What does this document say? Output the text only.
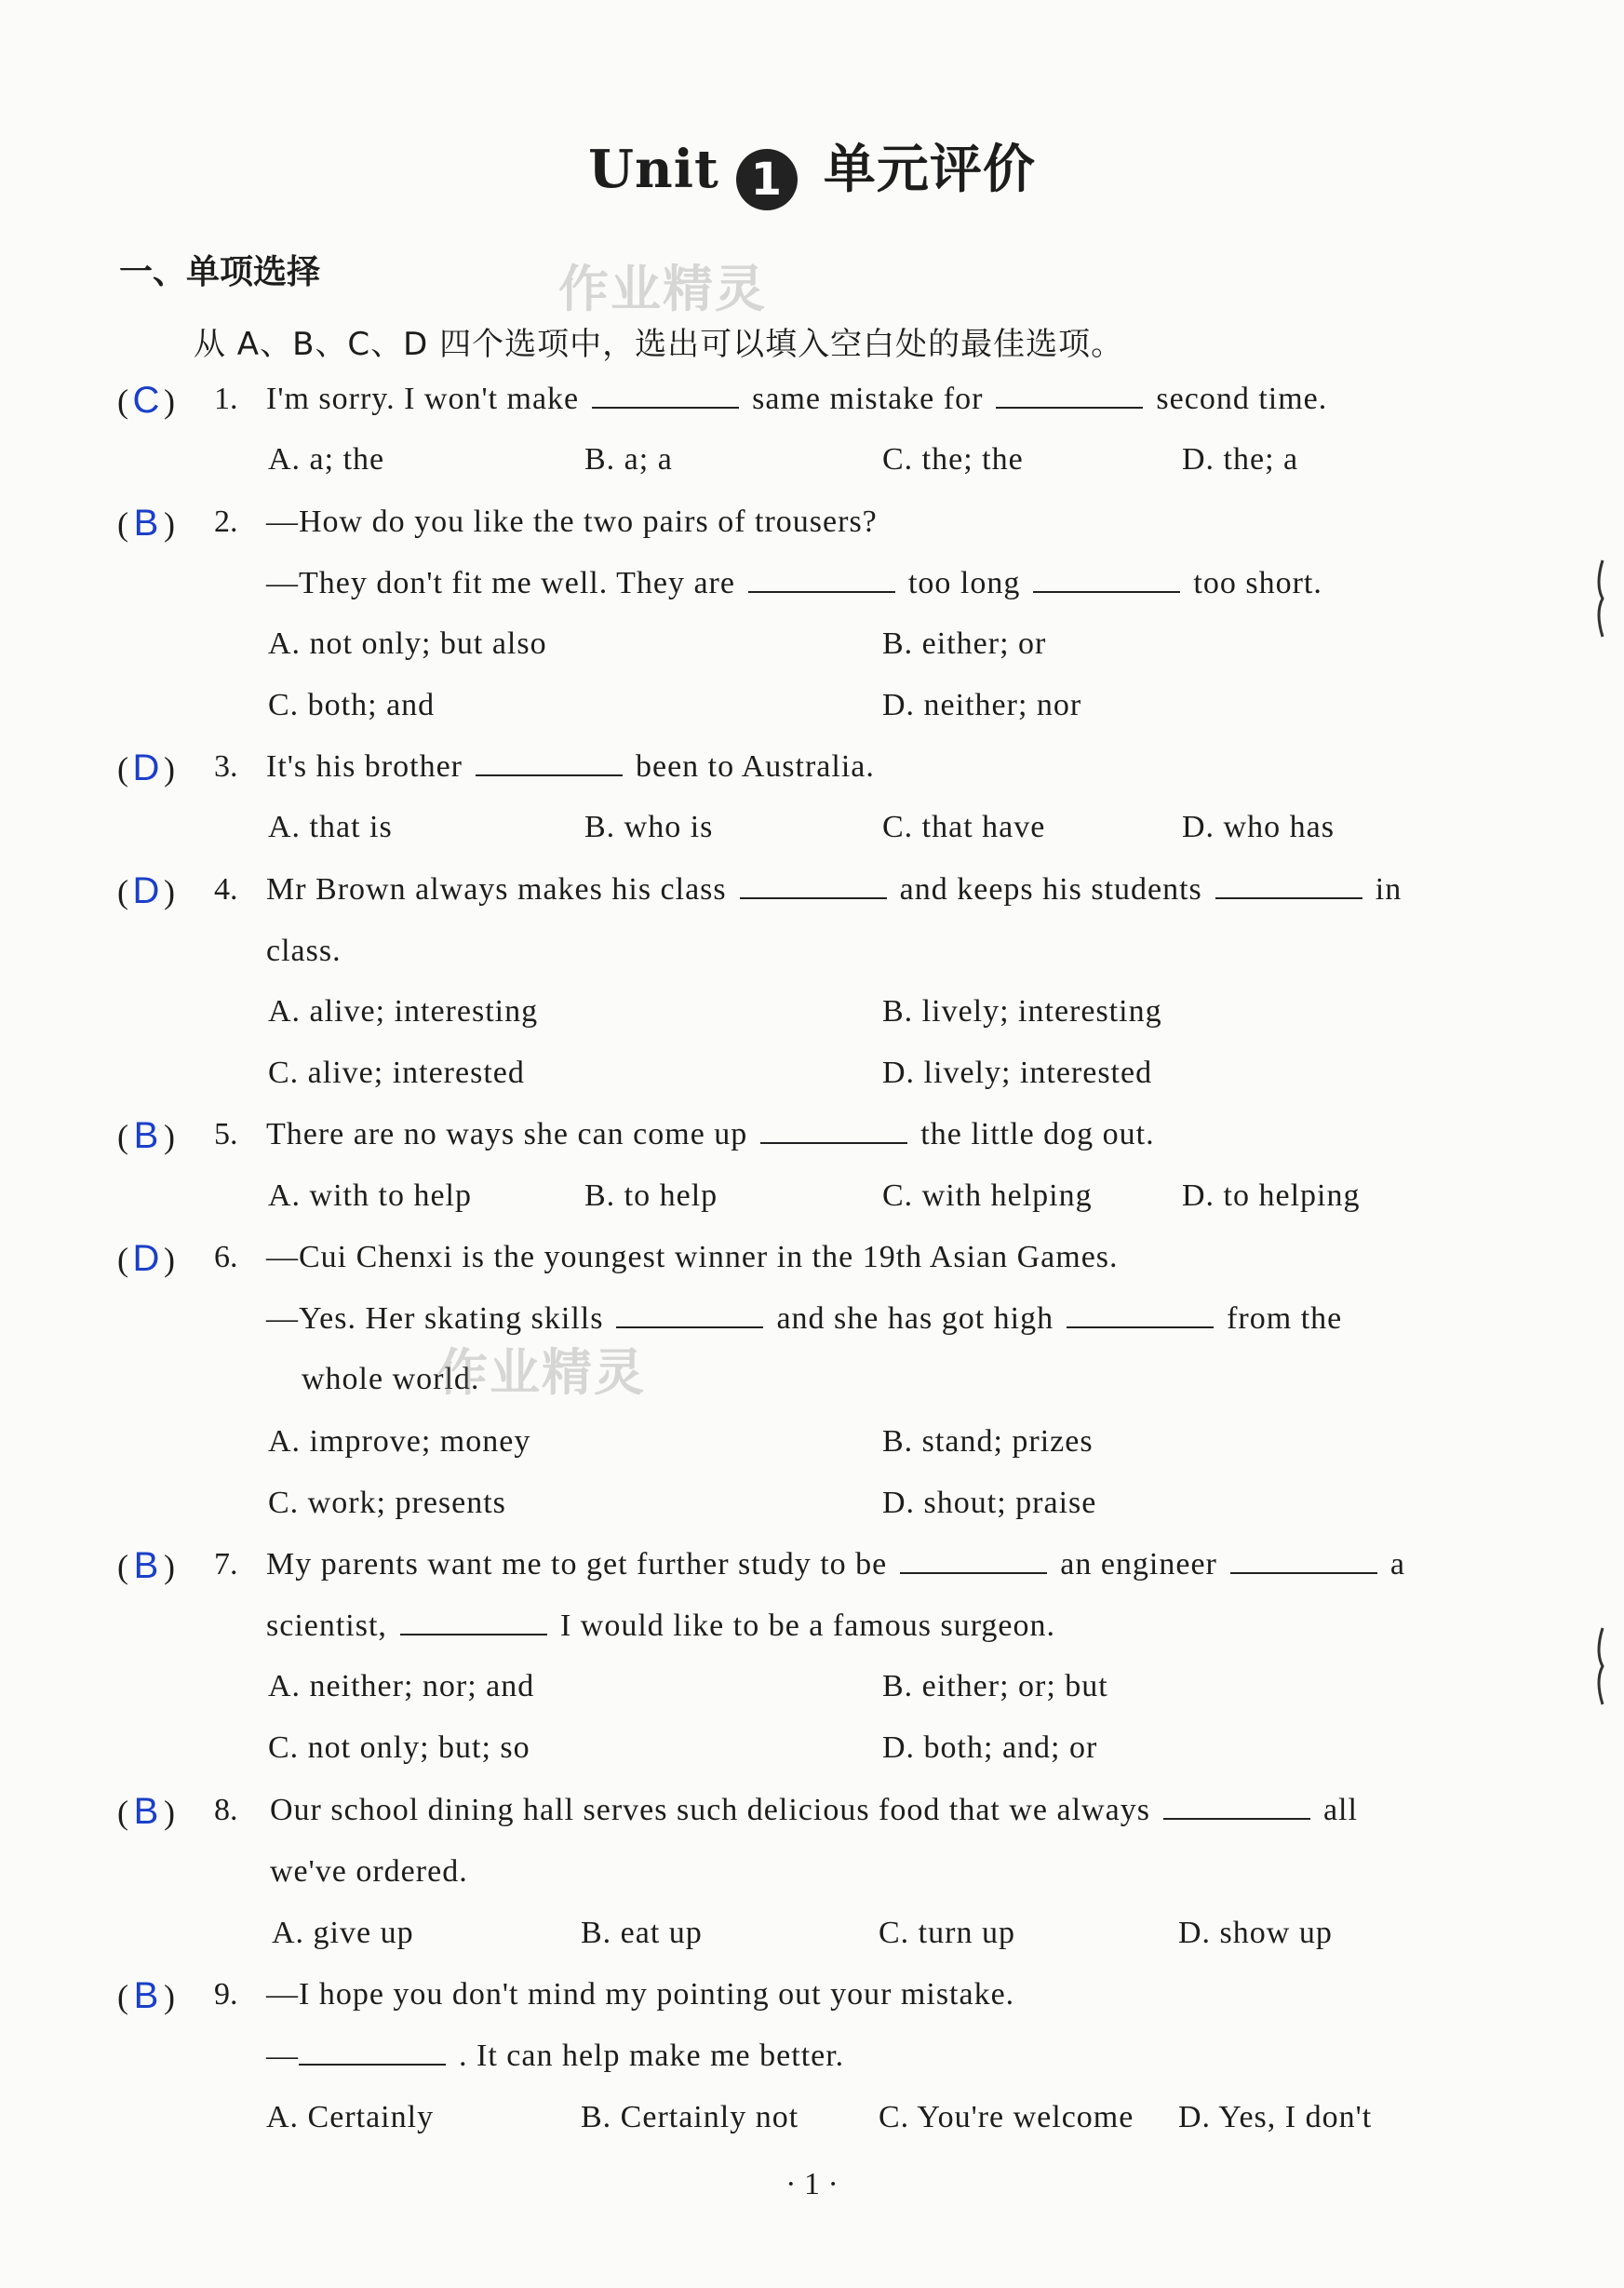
Unit 1 单元评价
一、单项选择	作业精灵
从 A、B、C、D 四个选项中，选出可以填入空白处的最佳选项。
( C ) 1. I'm sorry. I won't make	same mistake for	second time.
A. a; the	B. a; a	C. the; the	D. the; a
( B ) 2. —How do you like the two pairs of trousers?
—They don't fit me well. They are	too long	too short.
A. not only; but also	B. either; or
C. both; and	D. neither; nor
( D ) 3. It's his brother	been to Australia.
A. that is	B. who is	C. that have	D. who has
( D ) 4. Mr Brown always makes his class	and keeps his students	in
class.
A. alive; interesting	B. lively; interesting
C. alive; interested	D. lively; interested
( B ) 5. There are no ways she can come up	the little dog out.
A. with to help	B. to help	C. with helping	D. to helping
( D ) 6. —Cui Chenxi is the youngest winner in the 19th Asian Games.
—Yes. Her skating skills	and she has got high	from the
whole world.
作业精灵
A. improve; money	B. stand; prizes
C. work; presents	D. shout; praise
( B ) 7. My parents want me to get further study to be	an engineer	a
scientist,	I would like to be a famous surgeon.
A. neither; nor; and	B. either; or; but
C. not only; but; so	D. both; and; or
( B ) 8. Our school dining hall serves such delicious food that we always	all
we've ordered.
A. give up	B. eat up	C. turn up	D. show up
( B ) 9. —I hope you don't mind my pointing out your mistake.
—	. It can help make me better.
A. Certainly	B. Certainly not	C. You're welcome D. Yes, I don't
· 1 ·
